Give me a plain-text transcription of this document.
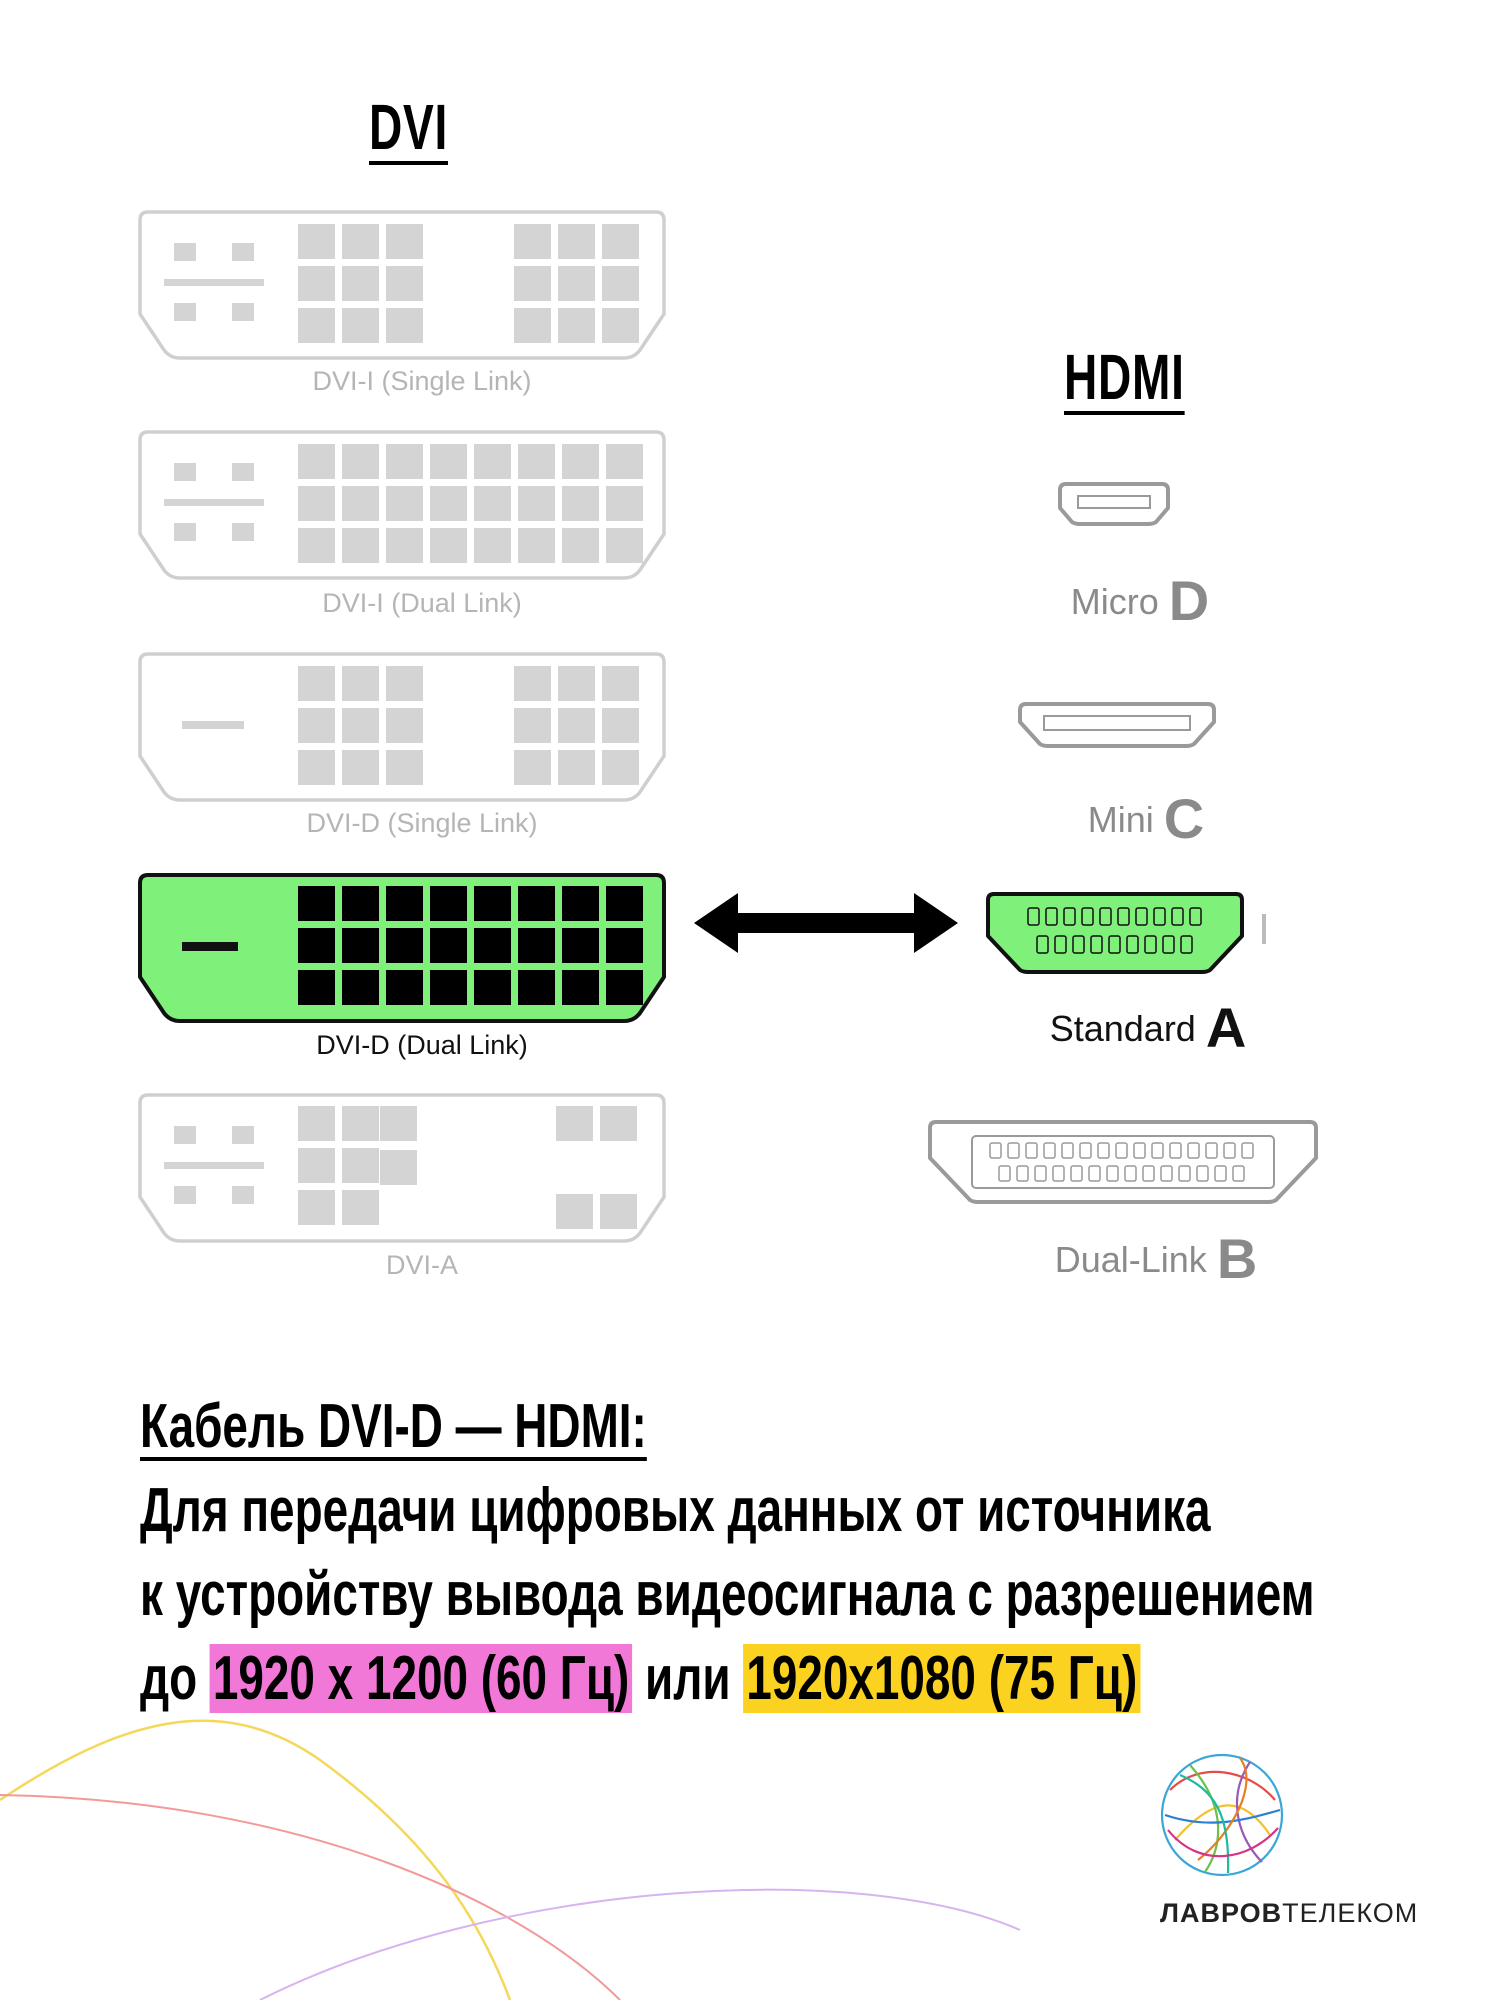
DVI
HDMI
DVI-I (Single Link)
DVI-I (Dual Link)
DVI-D (Single Link)
DVI-D (Dual Link)
DVI-A
Micro D
Mini C
Standard A
Dual-Link B
Кабель DVI-D — HDMI:
Для передачи цифровых данных от источника
к устройству вывода видеосигнала с разрешением
до 1920 х 1200 (60 Гц) или 1920х1080 (75 Гц)
ЛАВРОВТЕЛЕКОМ
